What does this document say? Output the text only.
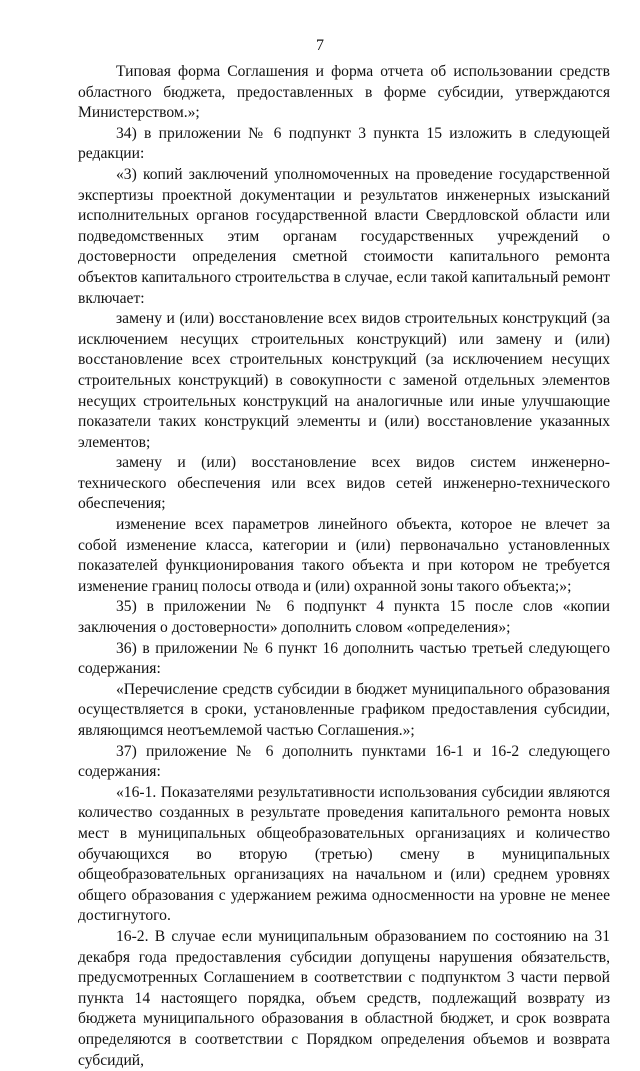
7

Типовая форма Соглашения и форма отчета об использовании средств областного бюджета, предоставленных в форме субсидии, утверждаются Министерством.»;

34) в приложении № 6 подпункт 3 пункта 15 изложить в следующей редакции:

«3) копий заключений уполномоченных на проведение государственной экспертизы проектной документации и результатов инженерных изысканий исполнительных органов государственной власти Свердловской области или подведомственных этим органам государственных учреждений о достоверности определения сметной стоимости капитального ремонта объектов капитального строительства в случае, если такой капитальный ремонт включает:

замену и (или) восстановление всех видов строительных конструкций (за исключением несущих строительных конструкций) или замену и (или) восстановление всех строительных конструкций (за исключением несущих строительных конструкций) в совокупности с заменой отдельных элементов несущих строительных конструкций на аналогичные или иные улучшающие показатели таких конструкций элементы и (или) восстановление указанных элементов;

замену и (или) восстановление всех видов систем инженерно-технического обеспечения или всех видов сетей инженерно-технического обеспечения;

изменение всех параметров линейного объекта, которое не влечет за собой изменение класса, категории и (или) первоначально установленных показателей функционирования такого объекта и при котором не требуется изменение границ полосы отвода и (или) охранной зоны такого объекта;»;

35) в приложении № 6 подпункт 4 пункта 15 после слов «копии заключения о достоверности» дополнить словом «определения»;

36) в приложении № 6 пункт 16 дополнить частью третьей следующего содержания:

«Перечисление средств субсидии в бюджет муниципального образования осуществляется в сроки, установленные графиком предоставления субсидии, являющимся неотъемлемой частью Соглашения.»;

37) приложение № 6 дополнить пунктами 16-1 и 16-2 следующего содержания:

«16-1. Показателями результативности использования субсидии являются количество созданных в результате проведения капитального ремонта новых мест в муниципальных общеобразовательных организациях и количество обучающихся во вторую (третью) смену в муниципальных общеобразовательных организациях на начальном и (или) среднем уровнях общего образования с удержанием режима односменности на уровне не менее достигнутого.

16-2. В случае если муниципальным образованием по состоянию на 31 декабря года предоставления субсидии допущены нарушения обязательств, предусмотренных Соглашением в соответствии с подпунктом 3 части первой пункта 14 настоящего порядка, объем средств, подлежащий возврату из бюджета муниципального образования в областной бюджет, и срок возврата определяются в соответствии с Порядком определения объемов и возврата субсидий,
